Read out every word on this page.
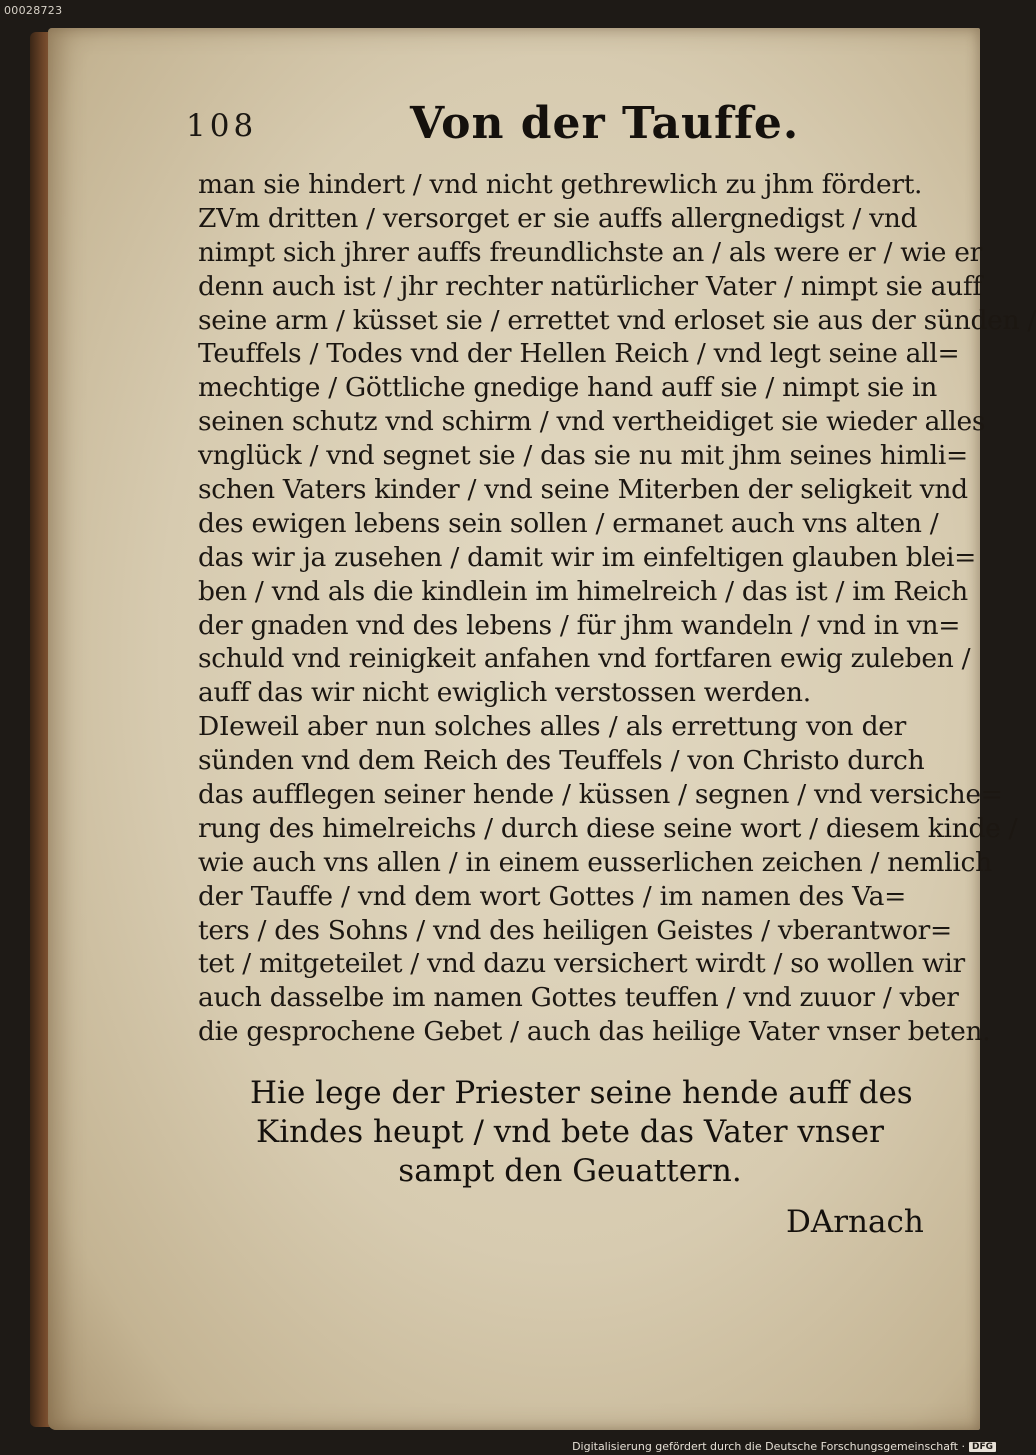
00028723
108	Von der Tauffe.
man sie hindert / vnd nicht gethrewlich zu jhm fördert.
ZVm dritten / versorget er sie auffs allergnedigst / vnd
nimpt sich jhrer auffs freundlichste an / als were er / wie er
denn auch ist / jhr rechter natürlicher Vater / nimpt sie auff
seine arm / küsset sie / errettet vnd erloset sie aus der sünden /
Teuffels / Todes vnd der Hellen Reich / vnd legt seine all=
mechtige / Göttliche gnedige hand auff sie / nimpt sie in
seinen schutz vnd schirm / vnd vertheidiget sie wieder alles
vnglück / vnd segnet sie / das sie nu mit jhm seines himli=
schen Vaters kinder / vnd seine Miterben der seligkeit vnd
des ewigen lebens sein sollen / ermanet auch vns alten /
das wir ja zusehen / damit wir im einfeltigen glauben blei=
ben / vnd als die kindlein im himelreich / das ist / im Reich
der gnaden vnd des lebens / für jhm wandeln / vnd in vn=
schuld vnd reinigkeit anfahen vnd fortfaren ewig zuleben /
auff das wir nicht ewiglich verstossen werden.
DIeweil aber nun solches alles / als errettung von der
sünden vnd dem Reich des Teuffels / von Christo durch
das aufflegen seiner hende / küssen / segnen / vnd versiche=
rung des himelreichs / durch diese seine wort / diesem kinde /
wie auch vns allen / in einem eusserlichen zeichen / nemlich
der Tauffe / vnd dem wort Gottes / im namen des Va=
ters / des Sohns / vnd des heiligen Geistes / vberantwor=
tet / mitgeteilet / vnd dazu versichert wirdt / so wollen wir
auch dasselbe im namen Gottes teuffen / vnd zuuor / vber
die gesprochene Gebet / auch das heilige Vater vnser beten.
Hie lege der Priester seine hende auff des
Kindes heupt / vnd bete das Vater vnser
sampt den Geuattern.
DArnach
Digitalisierung gefördert durch die Deutsche Forschungsgemeinschaft · DFG
